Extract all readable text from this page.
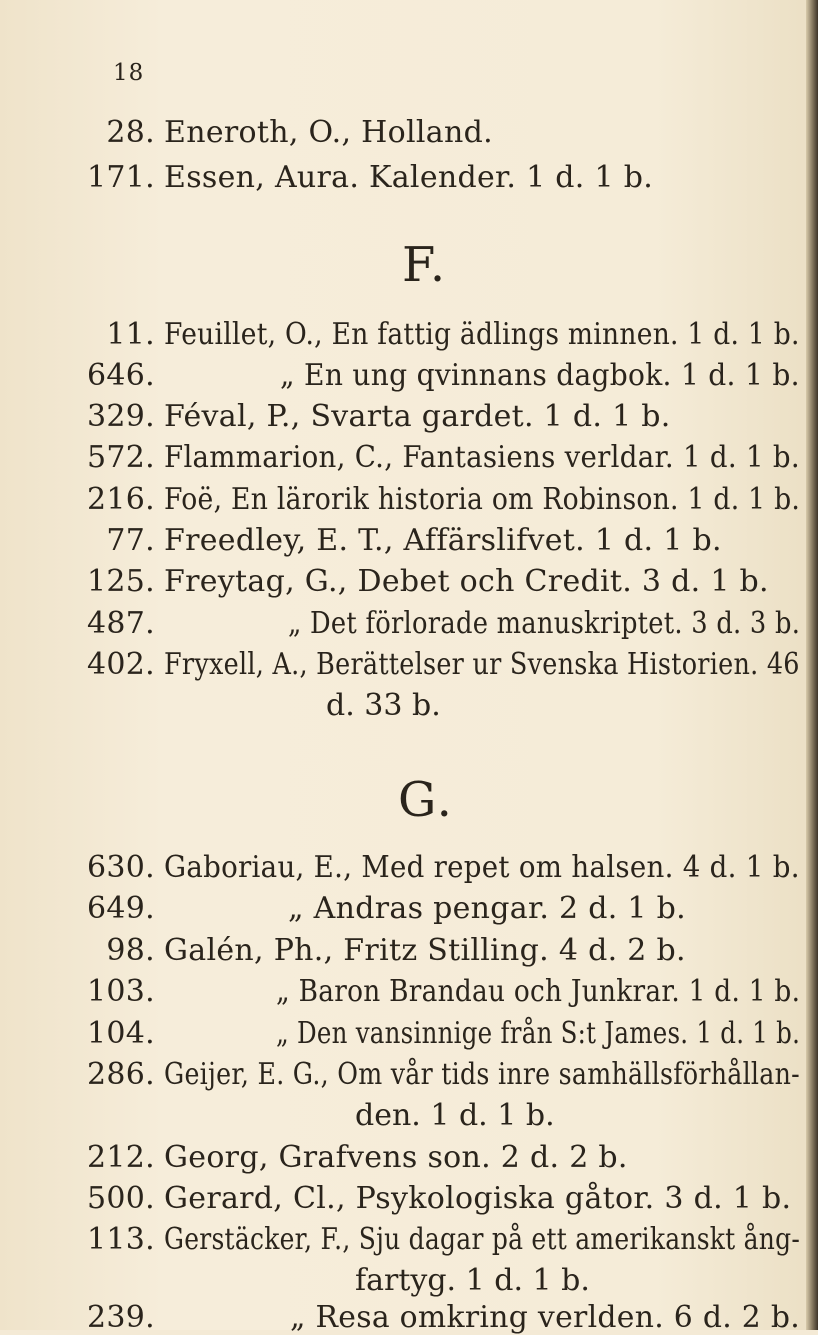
18
28. Eneroth, O., Holland.
171. Essen, Aura. Kalender. 1 d. 1 b.
F.
11. Feuillet, O., En fattig ädlings minnen. 1 d. 1 b.
646.	„ En ung qvinnans dagbok. 1 d. 1 b.
329. Féval, P., Svarta gardet. 1 d. 1 b.
572. Flammarion, C., Fantasiens verldar. 1 d. 1 b.
216. Foë, En lärorik historia om Robinson. 1 d. 1 b.
77. Freedley, E. T., Affärslifvet. 1 d. 1 b.
125. Freytag, G., Debet och Credit. 3 d. 1 b.
487.	„ Det förlorade manuskriptet. 3 d. 3 b.
402. Fryxell, A., Berättelser ur Svenska Historien. 46
d. 33 b.
G.
630. Gaboriau, E., Med repet om halsen. 4 d. 1 b.
649.	„ Andras pengar. 2 d. 1 b.
98. Galén, Ph., Fritz Stilling. 4 d. 2 b.
103.	„ Baron Brandau och Junkrar. 1 d. 1 b.
104.	„ Den vansinnige från S:t James. 1 d. 1 b.
286. Geijer, E. G., Om vår tids inre samhällsförhållan-
den. 1 d. 1 b.
212. Georg, Grafvens son. 2 d. 2 b.
500. Gerard, Cl., Psykologiska gåtor. 3 d. 1 b.
113. Gerstäcker, F., Sju dagar på ett amerikanskt ång-
fartyg. 1 d. 1 b.
239.	„ Resa omkring verlden. 6 d. 2 b.
